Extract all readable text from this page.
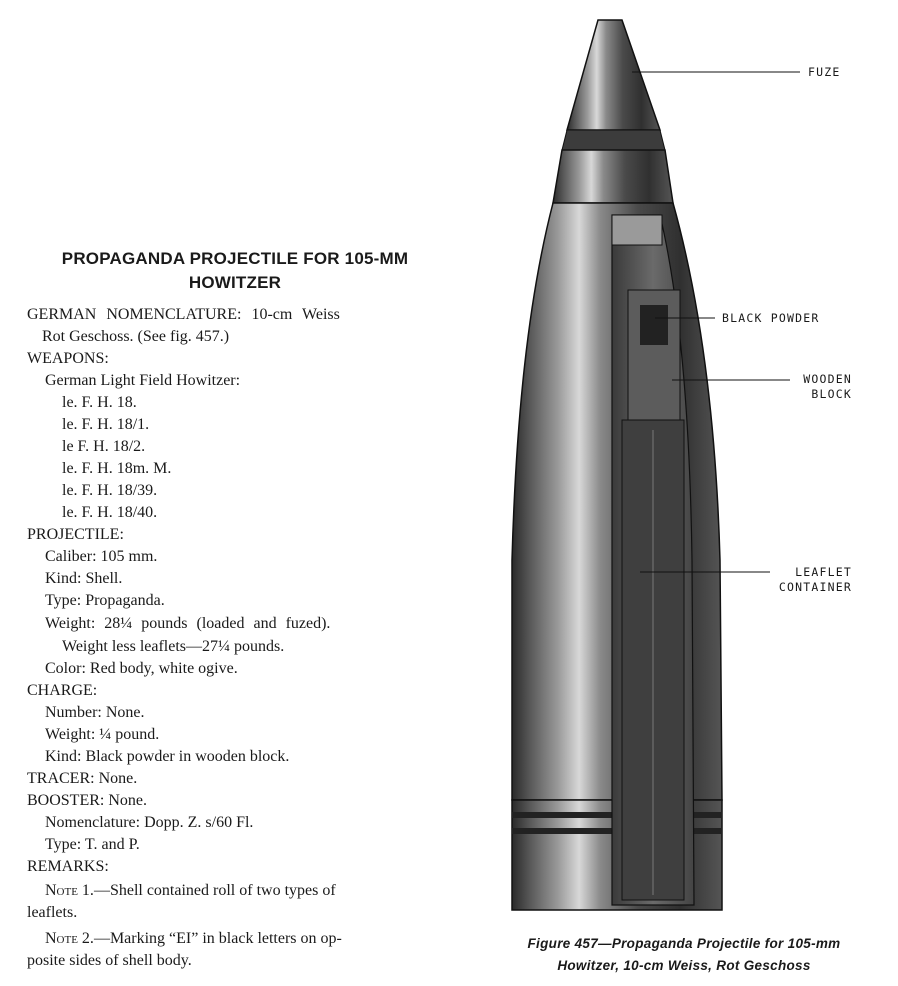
PROPAGANDA PROJECTILE FOR 105-MM
HOWITZER
GERMAN NOMENCLATURE: 10-cm Weiss
Rot Geschoss. (See fig. 457.)
WEAPONS:
German Light Field Howitzer:
le. F. H. 18.
le. F. H. 18/1.
le F. H. 18/2.
le. F. H. 18m. M.
le. F. H. 18/39.
le. F. H. 18/40.
PROJECTILE:
Caliber: 105 mm.
Kind: Shell.
Type: Propaganda.
Weight: 28¼ pounds (loaded and fuzed).
Weight less leaflets—27¼ pounds.
Color: Red body, white ogive.
CHARGE:
Number: None.
Weight: ¼ pound.
Kind: Black powder in wooden block.
TRACER: None.
BOOSTER: None.
Nomenclature: Dopp. Z. s/60 Fl.
Type: T. and P.
REMARKS:
Note 1.—Shell contained roll of two types of
leaflets.
Note 2.—Marking “EI” in black letters on op-
posite sides of shell body.
FUZE
BLACK POWDER
WOODEN
BLOCK
LEAFLET
CONTAINER
Figure 457—Propaganda Projectile for 105-mm
Howitzer, 10-cm Weiss, Rot Geschoss
